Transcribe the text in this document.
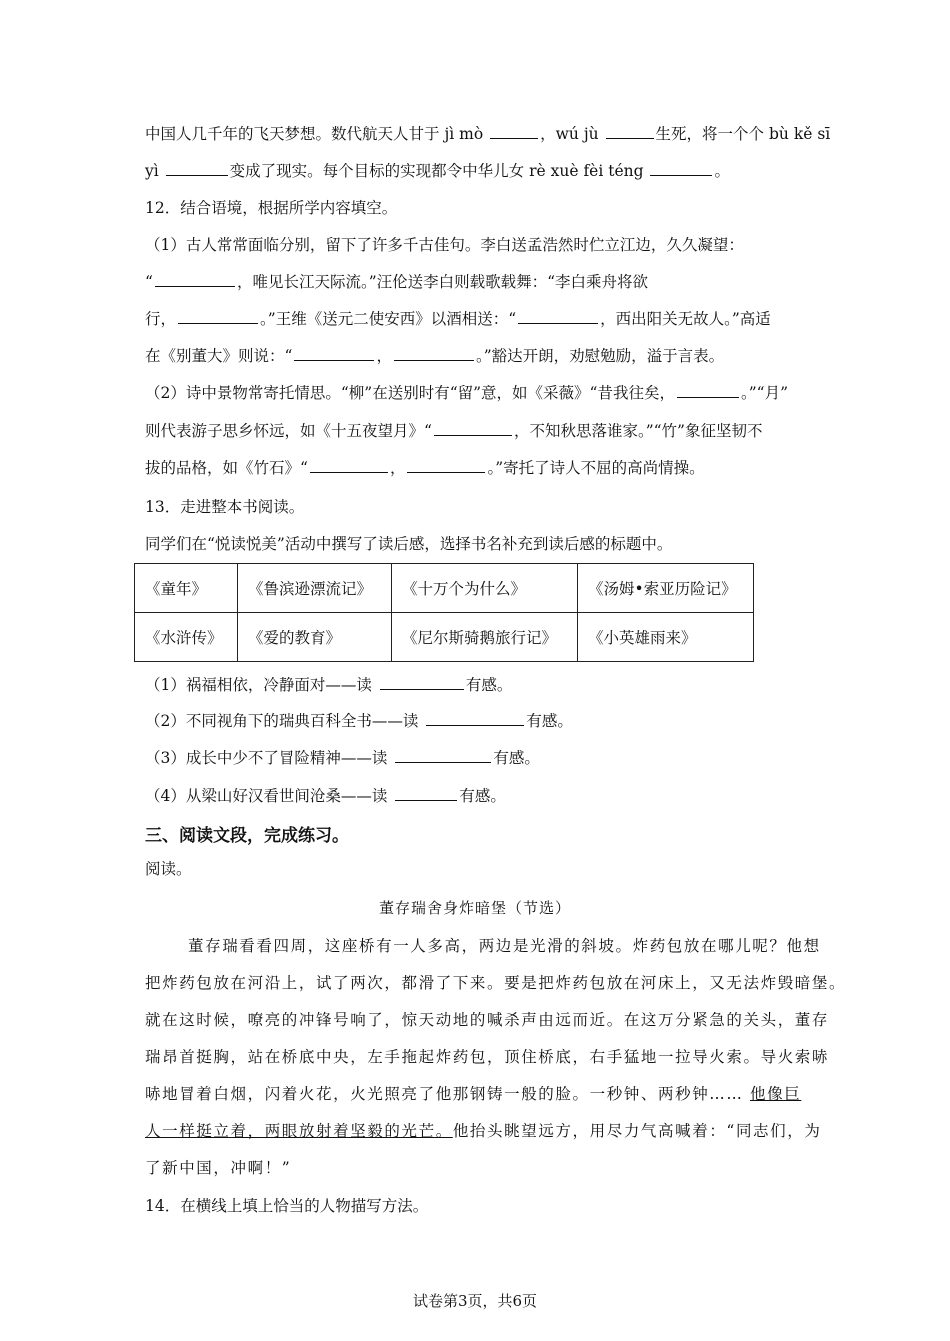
中国人几千年的飞天梦想。数代航天人甘于 jì mò	，wú jù	生死，将一个个 bù kě sī
yì	变成了现实。每个目标的实现都令中华儿女 rè xuè fèi téng	。
12．结合语境，根据所学内容填空。
（1）古人常常面临分别，留下了许多千古佳句。李白送孟浩然时伫立江边，久久凝望：
“	，唯见长江天际流。”汪伦送李白则载歌载舞：“李白乘舟将欲
行，	。”王维《送元二使安西》以酒相送：“	，西出阳关无故人。”高适
在《别董大》则说：“	，	。”豁达开朗，劝慰勉励，溢于言表。
（2）诗中景物常寄托情思。“柳”在送别时有“留”意，如《采薇》“昔我往矣，	。”“月”
则代表游子思乡怀远，如《十五夜望月》“	，不知秋思落谁家。”“竹”象征坚韧不
拔的品格，如《竹石》“	，	。”寄托了诗人不屈的高尚情操。
13．走进整本书阅读。
同学们在“悦读悦美”活动中撰写了读后感，选择书名补充到读后感的标题中。
《童年》	《鲁滨逊漂流记》	《十万个为什么》	《汤姆•索亚历险记》
《水浒传》	《爱的教育》	《尼尔斯骑鹅旅行记》	《小英雄雨来》
（1）祸福相依，冷静面对——读	有感。
（2）不同视角下的瑞典百科全书——读	有感。
（3）成长中少不了冒险精神——读	有感。
（4）从梁山好汉看世间沧桑——读	有感。
三、阅读文段，完成练习。
阅读。
董存瑞舍身炸暗堡（节选）
董存瑞看看四周，这座桥有一人多高，两边是光滑的斜坡。炸药包放在哪儿呢？他想
把炸药包放在河沿上，试了两次，都滑了下来。要是把炸药包放在河床上，又无法炸毁暗堡。
就在这时候，嘹亮的冲锋号响了，惊天动地的喊杀声由远而近。在这万分紧急的关头，董存
瑞昂首挺胸，站在桥底中央，左手拖起炸药包，顶住桥底，右手猛地一拉导火索。导火索哧
哧地冒着白烟，闪着火花，火光照亮了他那钢铸一般的脸。一秒钟、两秒钟…… 他像巨
人一样挺立着，两眼放射着坚毅的光芒。他抬头眺望远方，用尽力气高喊着：“同志们，为
了新中国，冲啊！”
14．在横线上填上恰当的人物描写方法。
试卷第3页，共6页
